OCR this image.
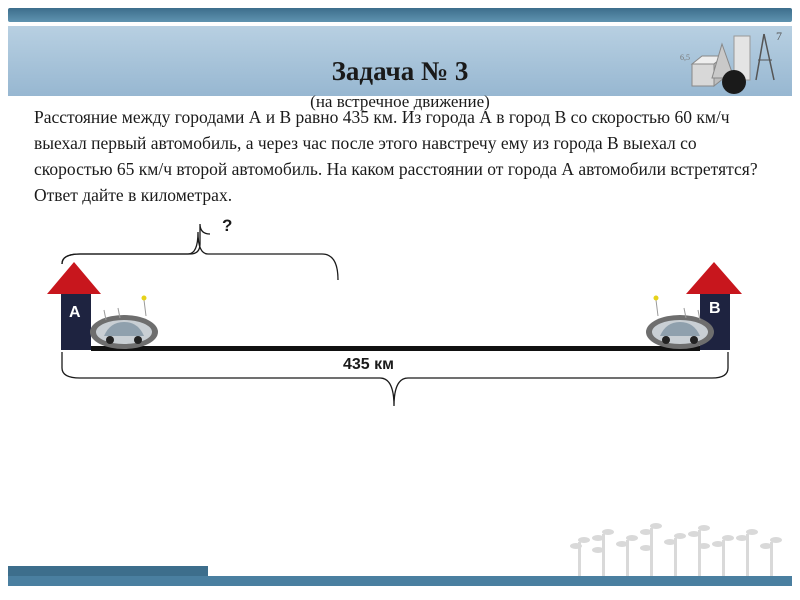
Задача № 3
(на встречное движение)
7
6,5
Расстояние между городами А и В равно 435 км. Из города А в город В со скоростью 60 км/ч выехал первый автомобиль, а через час после этого навстречу ему из города В выехал со скоростью 65 км/ч второй автомобиль. На каком расстоянии от города А автомобили встретятся? Ответ дайте в километрах.
?
435 км
А	В
